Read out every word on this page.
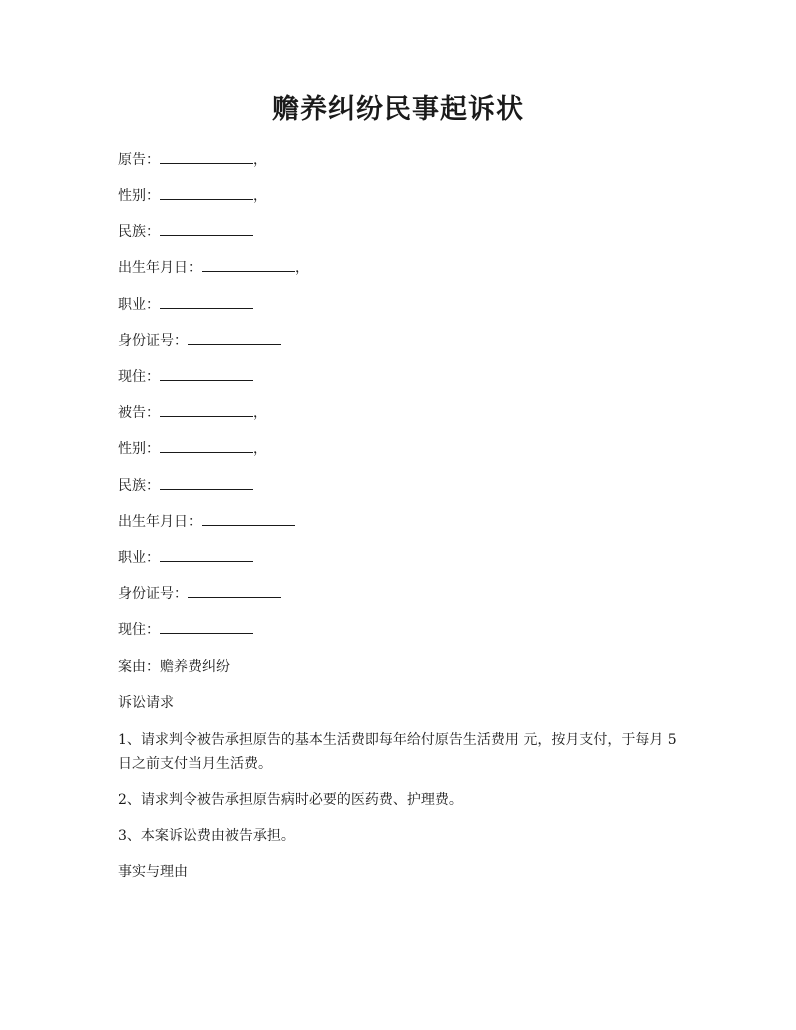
赡养纠纷民事起诉状
原告：	，
性别：	，
民族：
出生年月日：	，
职业：
身份证号：
现住：
被告：	，
性别：	，
民族：
出生年月日：
职业：
身份证号：
现住：
案由：赡养费纠纷
诉讼请求
1、请求判令被告承担原告的基本生活费即每年给付原告生活费用 元，按月支付，于每月 5 日之前支付当月生活费。
2、请求判令被告承担原告病时必要的医药费、护理费。
3、本案诉讼费由被告承担。
事实与理由
